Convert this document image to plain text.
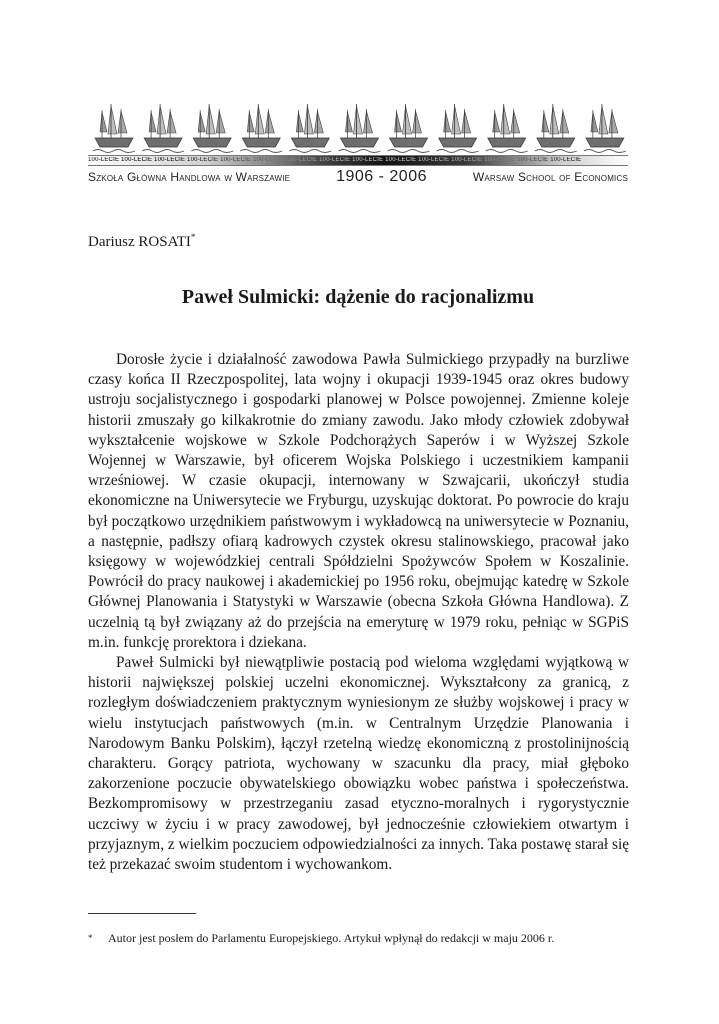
100-LECIE 100-LECIE 100-LECIE 100-LECIE 100-LECIE 100-LECIE 100-LECIE 100-LECIE 100-LECIE 100-LECIE 100-LECIE 100-LECIE 100-LECIE 100-LECIE 100-LECIE
Szkoła Główna Handlowa w Warszawie	1906 - 2006	Warsaw School of Economics
Dariusz ROSATI*
Paweł Sulmicki: dążenie do racjonalizmu

Dorosłe życie i działalność zawodowa Pawła Sulmickiego przypadły na burzliwe czasy końca II Rzeczpospolitej, lata wojny i okupacji 1939-1945 oraz okres budowy ustroju socjalistycznego i gospodarki planowej w Polsce powojennej. Zmienne koleje historii zmuszały go kilkakrotnie do zmiany zawodu. Jako młody człowiek zdobywał wykształcenie wojskowe w Szkole Podchorążych Saperów i w Wyższej Szkole Wojennej w Warszawie, był oficerem Wojska Polskiego i uczestnikiem kampanii wrześniowej. W czasie okupacji, internowany w Szwajcarii, ukończył studia ekonomiczne na Uniwersytecie we Fryburgu, uzyskując doktorat. Po powrocie do kraju był początkowo urzędnikiem państwowym i wykładowcą na uniwersytecie w Poznaniu, a następnie, padłszy ofiarą kadrowych czystek okresu stalinowskiego, pracował jako księgowy w wojewódzkiej centrali Spółdzielni Spożywców Społem w Koszalinie. Powrócił do pracy naukowej i akademickiej po 1956 roku, obejmując katedrę w Szkole Głównej Planowania i Statystyki w Warszawie (obecna Szkoła Główna Handlowa). Z uczelnią tą był związany aż do przejścia na emeryturę w 1979 roku, pełniąc w SGPiS m.in. funkcję prorektora i dziekana.

Paweł Sulmicki był niewątpliwie postacią pod wieloma względami wyjątkową w historii największej polskiej uczelni ekonomicznej. Wykształcony za granicą, z rozległym doświadczeniem praktycznym wyniesionym ze służby wojskowej i pracy w wielu instytucjach państwowych (m.in. w Centralnym Urzędzie Planowania i Narodowym Banku Polskim), łączył rzetelną wiedzę ekonomiczną z prostolinijnością charakteru. Gorący patriota, wychowany w szacunku dla pracy, miał głęboko zakorzenione poczucie obywatelskiego obowiązku wobec państwa i społeczeństwa. Bezkompromisowy w przestrzeganiu zasad etyczno-moralnych i rygorystycznie uczciwy w życiu i w pracy zawodowej, był jednocześnie człowiekiem otwartym i przyjaznym, z wielkim poczuciem odpowiedzialności za innych. Taka postawę starał się też przekazać swoim studentom i wychowankom.

* Autor jest posłem do Parlamentu Europejskiego. Artykuł wpłynął do redakcji w maju 2006 r.
